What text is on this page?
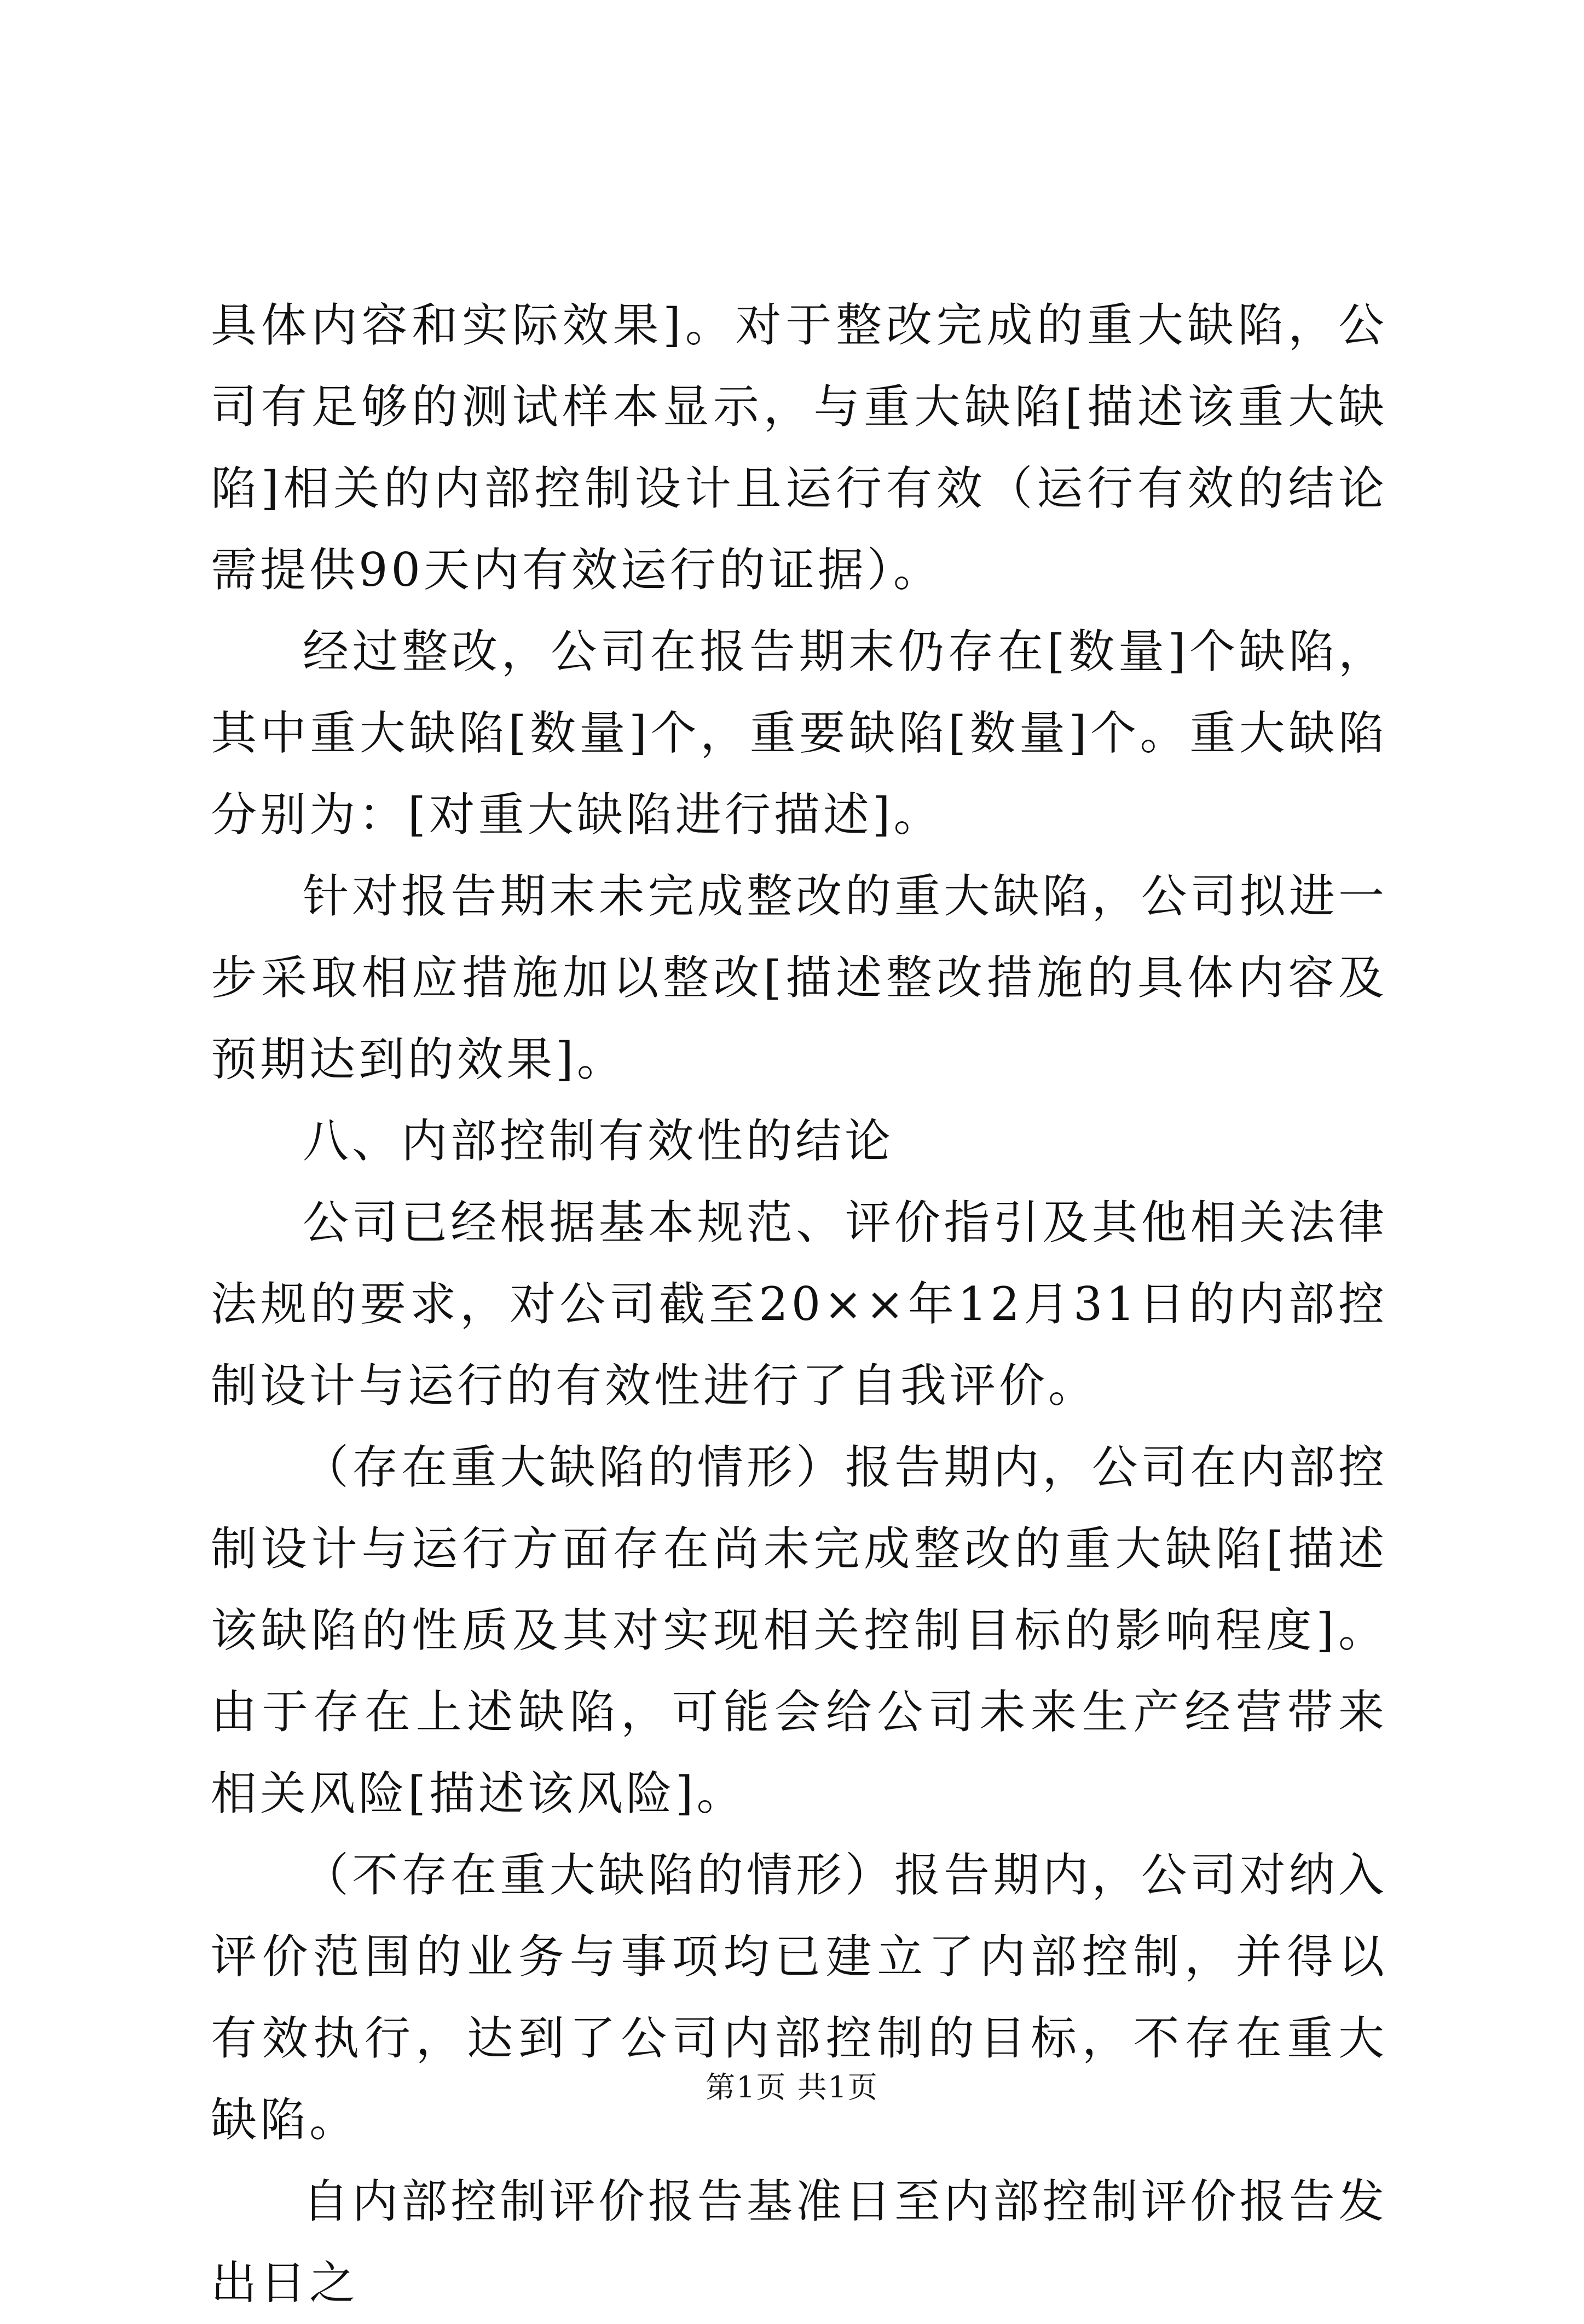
具体内容和实际效果]。对于整改完成的重大缺陷，公司有足够的测试样本显示，与重大缺陷[描述该重大缺陷]相关的内部控制设计且运行有效（运行有效的结论需提供90天内有效运行的证据）。

经过整改，公司在报告期末仍存在[数量]个缺陷，其中重大缺陷[数量]个，重要缺陷[数量]个。重大缺陷分别为：[对重大缺陷进行描述]。

针对报告期末未完成整改的重大缺陷，公司拟进一步采取相应措施加以整改[描述整改措施的具体内容及预期达到的效果]。

八、内部控制有效性的结论

公司已经根据基本规范、评价指引及其他相关法律法规的要求，对公司截至20××年12月31日的内部控制设计与运行的有效性进行了自我评价。

（存在重大缺陷的情形）报告期内，公司在内部控制设计与运行方面存在尚未完成整改的重大缺陷[描述该缺陷的性质及其对实现相关控制目标的影响程度]。由于存在上述缺陷，可能会给公司未来生产经营带来相关风险[描述该风险]。

（不存在重大缺陷的情形）报告期内，公司对纳入评价范围的业务与事项均已建立了内部控制，并得以有效执行，达到了公司内部控制的目标，不存在重大缺陷。

自内部控制评价报告基准日至内部控制评价报告发出日之

第1页 共1页
